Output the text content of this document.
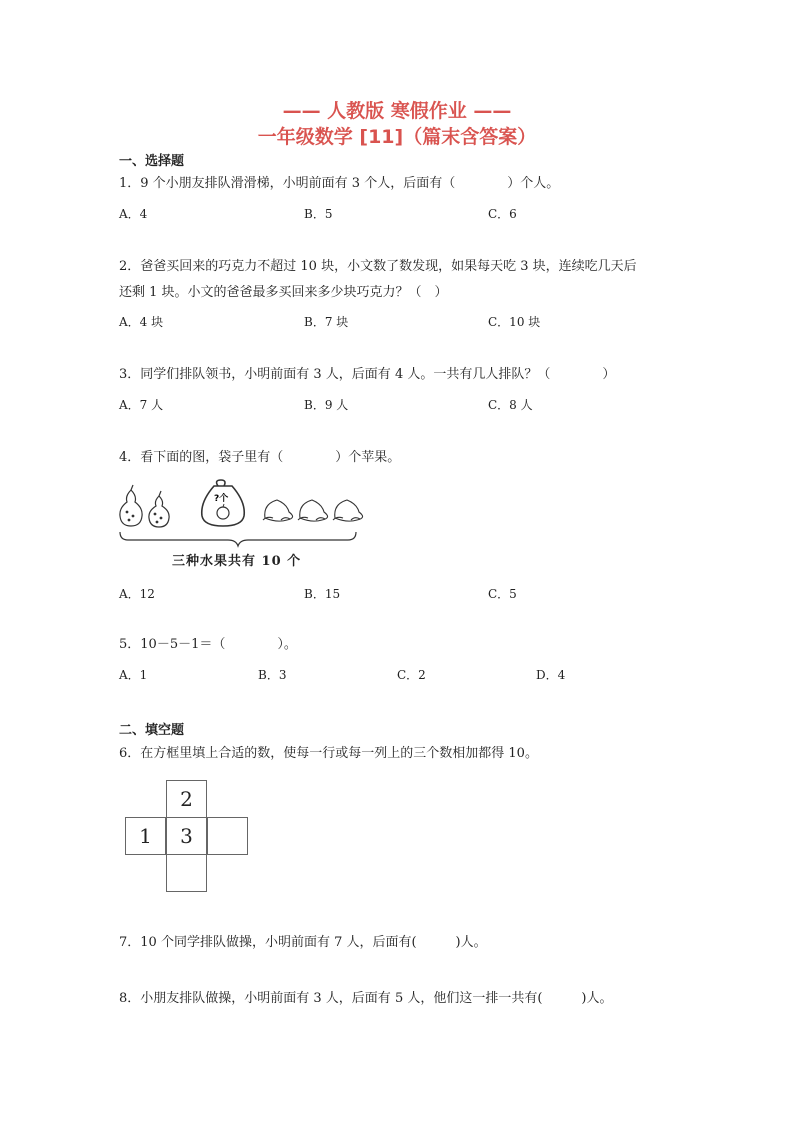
—— 人教版 寒假作业 ——
一年级数学 [11]（篇末含答案）
一、选择题
1．9 个小朋友排队滑滑梯，小明前面有 3 个人，后面有（　　　　）个人。
A．4	B．5	C．6
2．爸爸买回来的巧克力不超过 10 块，小文数了数发现，如果每天吃 3 块，连续吃几天后
还剩 1 块。小文的爸爸最多买回来多少块巧克力？（　）
A．4 块	B．7 块	C．10 块
3．同学们排队领书，小明前面有 3 人，后面有 4 人。一共有几人排队？（　　　　）
A．7 人	B．9 人	C．8 人
4．看下面的图，袋子里有（　　　　）个苹果。
?个
三种水果共有 10 个
A．12	B．15	C．5
5．10－5－1＝（　　　　）。
A．1	B．3	C．2	D．4
二、填空题
6．在方框里填上合适的数，使每一行或每一列上的三个数相加都得 10。
2
1	3
7．10 个同学排队做操，小明前面有 7 人，后面有(　　　)人。
8．小朋友排队做操，小明前面有 3 人，后面有 5 人，他们这一排一共有(　　　)人。
